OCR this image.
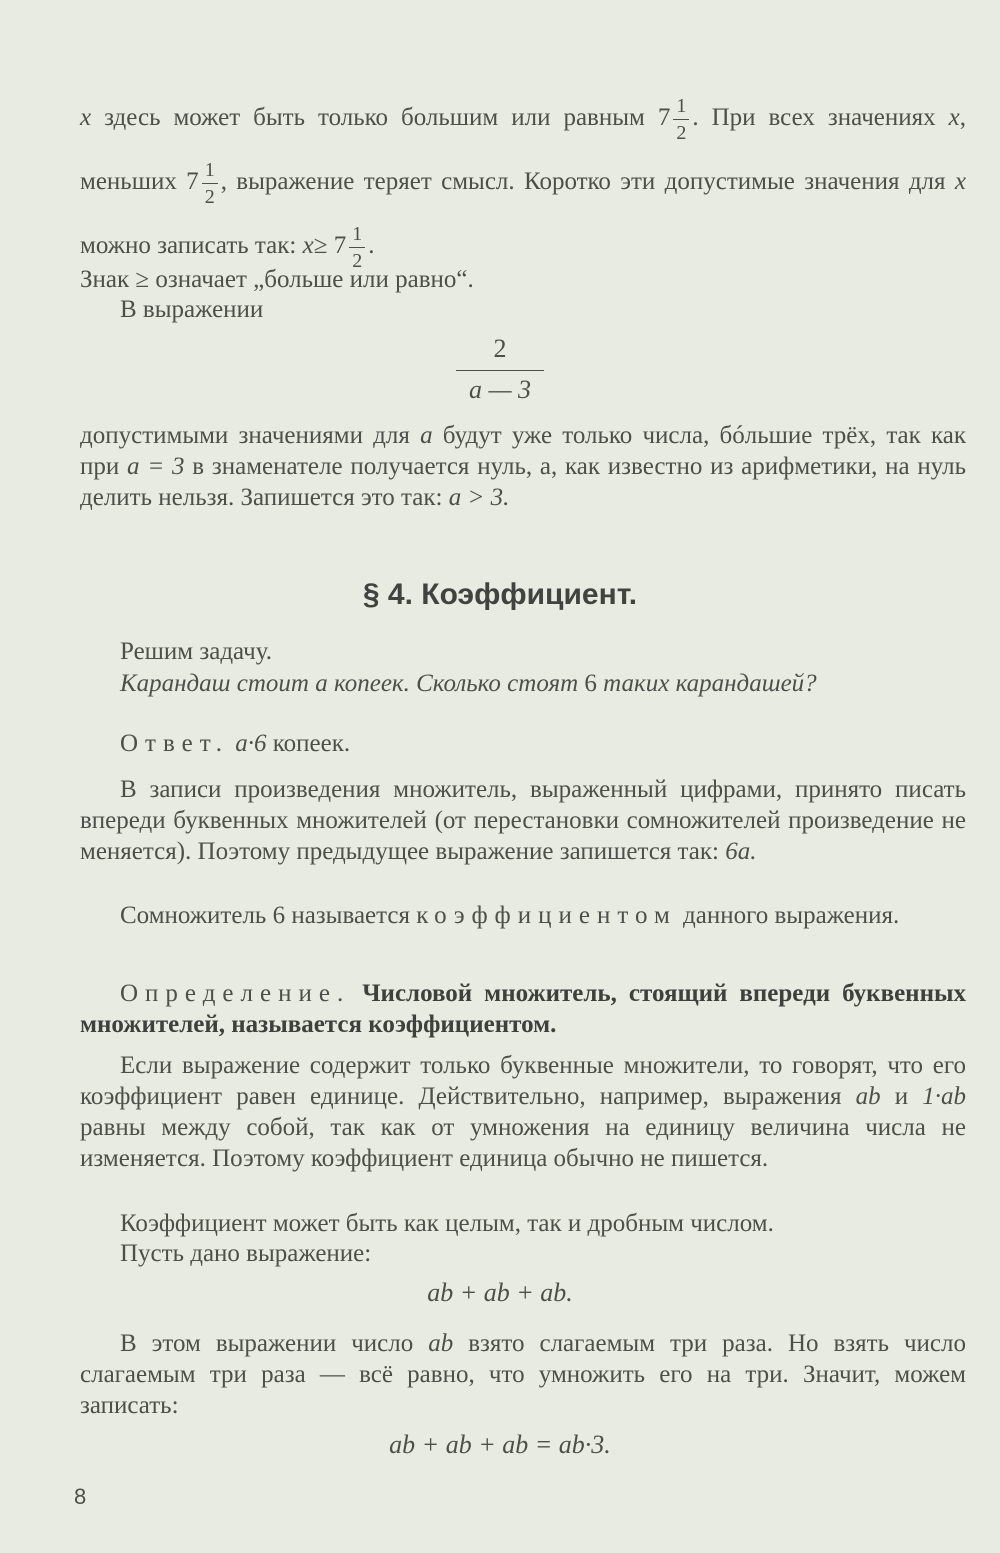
x здесь может быть только большим или равным $7 \frac{1}{2}$ . При всех значениях x, меньших $7 \frac{1}{2}$ , выражение теряет смысл. Коротко эти допустимые значения для x можно записать так: $x\ge 7 \frac{1}{2}$ .

Знак ≥ означает „больше или равно“.

В выражении

$\frac{2}{a — 3}$

допустимыми значениями для a будут уже только числа, бóльшие трёх, так как при a = 3 в знаменателе получается нуль, а, как известно из арифметики, на нуль делить нельзя. Запишется это так: a > 3.

§ 4. Коэффициент.

Решим задачу.

Карандаш стоит а копеек. Сколько стоят 6 таких карандашей?

Ответ. a·6 копеек.

В записи произведения множитель, выраженный цифрами, принято писать впереди буквенных множителей (от перестановки сомножителей произведение не меняется). Поэтому предыдущее выражение запишется так: 6a.

Сомножитель 6 называется коэффициентом данного выражения.

Определение. Числовой множитель, стоящий впереди буквенных множителей, называется коэффициентом.

Если выражение содержит только буквенные множители, то говорят, что его коэффициент равен единице. Действительно, например, выражения ab и 1·ab равны между собой, так как от умножения на единицу величина числа не изменяется. Поэтому коэффициент единица обычно не пишется.

Коэффициент может быть как целым, так и дробным числом.

Пусть дано выражение:

ab + ab + ab.

В этом выражении число ab взято слагаемым три раза. Но взять число слагаемым три раза — всё равно, что умножить его на три. Значит, можем записать:

ab + ab + ab = ab·3.
8
